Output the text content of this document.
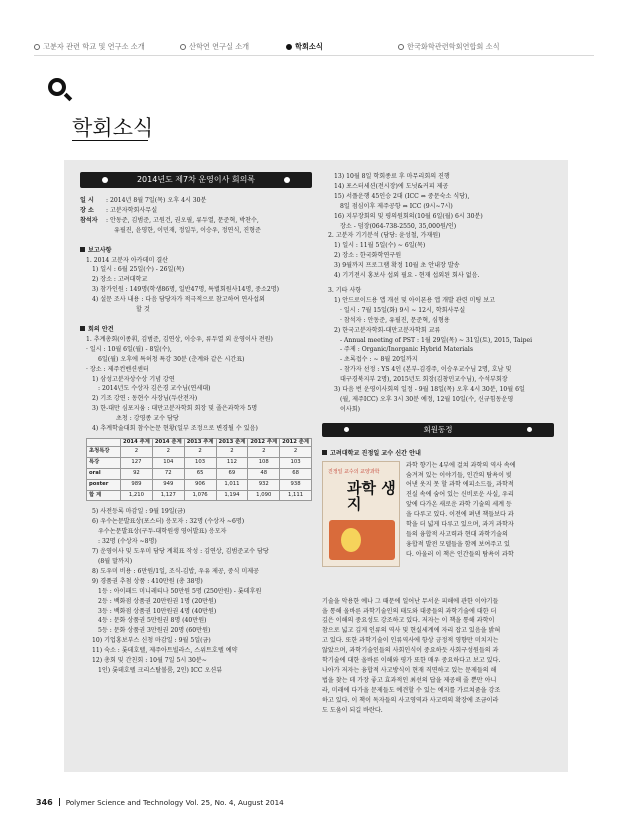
고분자 관련 학교 및 연구소 소개	산학연 연구실 소개	학회소식	한국화학관련학회연합회 소식
학회소식
2014년도 제7차 운영이사 회의록
일 시	: 2014년 8월 7일(목) 오후 4시 30분
장 소	: 고분자학회사무실
참석자	: 안동준, 김범준, 고원건, 권오필, 류두열, 문준혁, 박찬수,
유필진, 윤영한, 이민재, 정일두, 이승우, 정연식, 진형준
보고사항
1. 2014 고분자 아카데미 결산
1) 일시 : 6월 25일(수) - 26일(목)
2) 장소 : 고려대학교
3) 참가인원 : 149명(학생86명, 일반47명, 특별회원사14명, 중소2명)
4) 설문 조사 내용 : 다음 담당자가 적극적으로 참고하여 연사섭외
할 것
회의 안건
1. 추계총회(이종휘, 김범준, 김연상, 이승우, 류두열 외 운영이사 전원)
· 일시 : 10월 6일(월) - 8일(수),
6일(월) 오후에 특허청 특강 30분 (춘계와 같은 시간표)
· 장소 : 제주컨벤션센터
1) 삼성고분자상수상 기념 강연
: 2014년도 수상자 김은경 교수님(연세대)
2) 기조 강연 : 동현수 사장님(두산전자)
3) 한-대만 심포지움 : 대만고분자학회 회장 및 졸은과학자 5명
초청 : 강영종 교수 담당
4) 추계학술대회 참수논문 현황(일부 조정으로 변경될 수 있음)
	2014 추계	2014 춘계	2013 추계	2013 춘계	2012 추계	2012 춘계
초청특강	2	2	2	2	2	2
특강	127	104	103	112	108	103
oral	92	72	65	69	48	68
poster	989	949	906	1,011	932	938
합 계	1,210	1,127	1,076	1,194	1,090	1,111
5) 사전등록 마감일 : 9월 19일(금)
6) 우수논문발표상(포스터) 응모자 : 32명 (수상자 ~6명)
우수논문발표상(구두-대학원생 영어발표) 응모자
: 32명 (수상자 ~8명)
7) 운영이사 및 도우미 담당 계획표 작성 : 김연상, 김범준교수 담당
(8월 말까지)
8) 도우미 비용 : 6만원/1일, 조식-김밥, 우유 제공, 중식 미제공
9) 경품권 추첨 상품 : 410만원 (총 38명)
1등 : 아이패드 미니레티나 50만원 5명 (250만원) - 롯데후원
2등 : 백화점 상품권 20만원권 1명 (20만원)
3등 : 백화점 상품권 10만원권 4명 (40만원)
4등 : 문화 상품권 5만원권 8명 (40만원)
5등 : 문화 상품권 3만원권 20명 (60만원)
10) 기업홍보부스 신청 마감일 : 9월 5일(금)
11) 숙소 : 롯데호텔, 제주아트빌라스, 스위트호텔 예약
12) 총회 및 간친회 : 10월 7일 5시 30분~
1인) 롯데호텔 크리스탈볼룸, 2인) ICC 오션뷰
13) 10월 8일 학회종료 후 마무리회의 진행
14) 포스터세션(전시장)에 도넛&커피 제공
15) 서플운행 45인승 2대 (ICC ⇔ 중문숙소 식당),
8일 점심이후 제주공항 ⇔ ICC (9시~7시)
16) 지부장회의 및 평의원회의(10월 6일(월) 6시 30분)
장소 - 덤장(064-738-2550, 35,000원/인)
2. 고분자 기기분석 (담당: 윤성철, 가재원)
1) 일시 : 11월 5일(수) ~ 6일(목)
2) 장소 : 한국화학연구원
3) 9월까지 프로그램 확정 10월 초 안내장 발송
4) 기기전시 홍보사 섭외 필요 - 현재 섭외된 회사 없음.
3. 기타 사항
1) 안드로이드용 앱 개선 및 아이폰용 앱 개발 관련 미팅 보고
· 일시 : 7월 15일(화) 9시 ~ 12시, 학회사무실
· 참석자 : 안동준, 유필진, 문준혁, 심형용
2) 한국고분자학회-대만고분자학회 교류
- Annual meeting of PST : 1월 29일(목) ~ 31일(토), 2015, Taipei
- 주제 : Organic/Inorganic Hybrid Materials
- 초록접수 : ~ 8월 20일까지
- 참가자 선정 : YS 4인 (본부-김경주, 이승우교수님 2명, 호남 및
대구경북지부 2명), 2015년도 회장(김창민교수님), 수석부회장
3) 다음 번 운영이사회의 일정 - 9월 18일(목) 오후 4시 30분, 10월 6일
(월, 제주ICC) 오후 3시 30분 예정, 12월 10일(수, 신규힘동운영
이사회)
회원동정
고려대학교 진정일 교수 신간 안내
진정일 교수의 교양과학
과학 생지
과학 향기는 4부에 걸쳐 과학의 역사 속에
숨겨져 있는 이야기들, 인간의 탐욕이 빚
어낸 웃지 못 할 과학 에피소드들, 과학적
진실 속에 숨어 있는 신비로운 사실, 우리
앞에 다가온 새로운 과학 기술의 세계 등
을 다루고 있다. 이전에 펴낸 책들보다 과
학을 더 넓게 다루고 있으며, 과거 과학자
들의 융합적 사고력과 현대 과학기술의
융합적 발전 모델들을 함께 보여주고 있
다. 아울러 이 책은 인간들의 탐욕이 과학
기술을 악용한 예나 그 때문에 일어난 무서운 피해에 관한 이야기들
을 통해 올바른 과학기술인의 태도와 대중들의 과학기술에 대한 더
깊은 이해의 중요성도 강조하고 있다. 저자는 이 책을 통해 과학이
참으로 넓고 깊게 인류의 역사 및 현실세계에 자리 잡고 있음을 밝혀
고 있다. 또한 과학기술이 인류역사에 항상 긍정적 영향만 미치지는
않았으며, 과학기술인들의 사회인식이 중요하듯 사회구성원들의 과
학기술에 대한 올바른 이해와 평가 또한 매우 중요하다고 보고 있다.
나아가 저자는 융합적 사고방식이 현재 직면하고 있는 문제들의 해
법을 찾는 데 가장 좋고 효과적인 최선의 답을 제공해 줄 뿐만 아니
라, 미래에 다가올 문제들도 예견할 수 있는 예지를 가르쳐줌을 강조
하고 있다. 이 책이 독자들의 사고영역과 사고력의 확장에 조금이라
도 도움이 되길 바란다.
346 Polymer Science and Technology Vol. 25, No. 4, August 2014
